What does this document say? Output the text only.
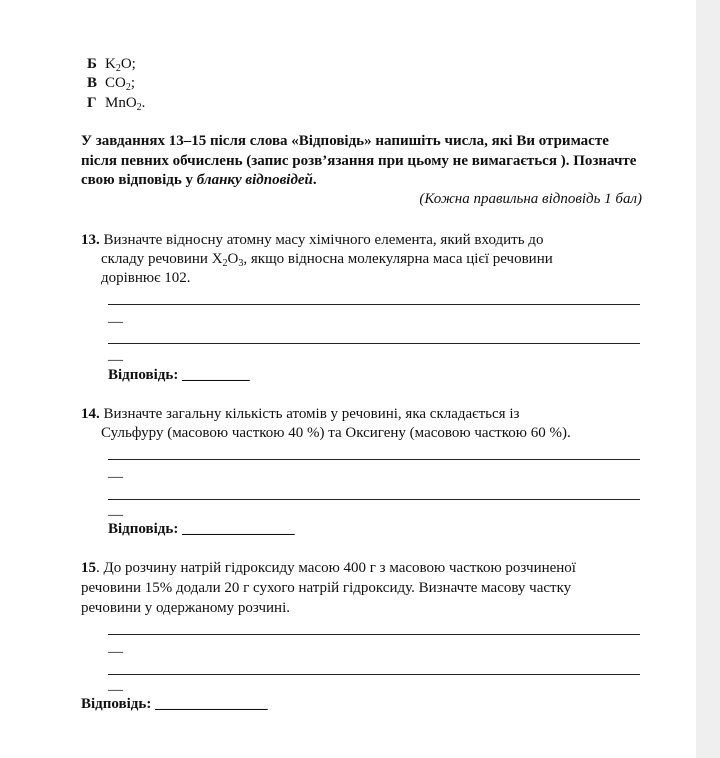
Б $K_2O$;
В $CO_2$;
Г MnO$_2$.
У завданнях 13–15 після слова «Відповідь» напишіть числа, які Ви отримасте після певних обчислень (запис розв’язання при цьому не вимагається ). Позначте свою відповідь у бланку відповідей.
(Кожна правильна відповідь 1 бал)
13. Визначте відносну атомну масу хімічного елемента, який входить до
складу речовини $X_2O_3$, якщо відносна молекулярна маса цієї речовини
дорівнює 102.
—
—
Відповідь: _________
14. Визначте загальну кількість атомів у речовині, яка складається із
Сульфуру (масовою часткою 40 %) та Оксигену (масовою часткою 60 %).
—
—
Відповідь: _______________
15. До розчину натрій гідроксиду масою 400 г з масовою часткою розчиненої
речовини 15% додали 20 г сухого натрій гідроксиду. Визначте масову частку
речовини у одержаному розчині.
—
—
Відповідь: _______________
